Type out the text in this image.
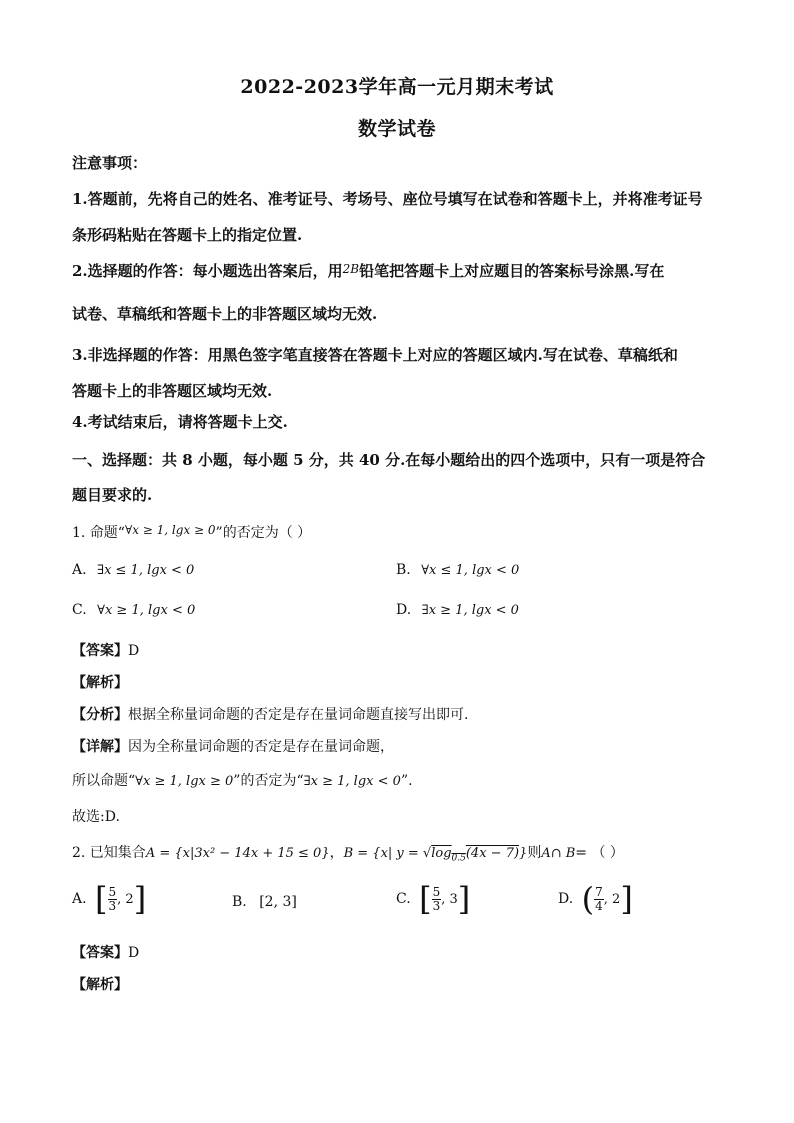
2022-2023学年高一元月期末考试
数学试卷
注意事项：
1.答题前，先将自己的姓名、准考证号、考场号、座位号填写在试卷和答题卡上，并将准考证号
条形码粘贴在答题卡上的指定位置.
2.选择题的作答：每小题选出答案后，用$^{2B}$铅笔把答题卡上对应题目的答案标号涂黑.写在
试卷、草稿纸和答题卡上的非答题区域均无效.
3.非选择题的作答：用黑色签字笔直接答在答题卡上对应的答题区域内.写在试卷、草稿纸和
答题卡上的非答题区域均无效.
4.考试结束后，请将答题卡上交.
一、选择题：共 8 小题，每小题 5 分，共 40 分.在每小题给出的四个选项中，只有一项是符合
题目要求的.
1. 命题“∀x ≥ 1, lgx ≥ 0”的否定为（ ）
A. ∃x ≤ 1, lgx < 0	B. ∀x ≤ 1, lgx < 0
C. ∀x ≥ 1, lgx < 0	D. ∃x ≥ 1, lgx < 0
【答案】D
【解析】
【分析】根据全称量词命题的否定是存在量词命题直接写出即可.
【详解】因为全称量词命题的否定是存在量词命题，
所以命题“∀x ≥ 1, lgx ≥ 0”的否定为“∃x ≥ 1, lgx < 0”.
故选:D.
2. 已知集合A = {x|3x² − 14x + 15 ≤ 0}，B = {x| $y = √\log_{0.5}(4x - 7)$}则A∩ B= （ ）
A. [ $\frac{5}{3}$ , 2]	B. [2, 3]	C. [ $\frac{5}{3}$ , 3]	D. ( $\frac{7}{4}$ , 2]
【答案】D
【解析】
